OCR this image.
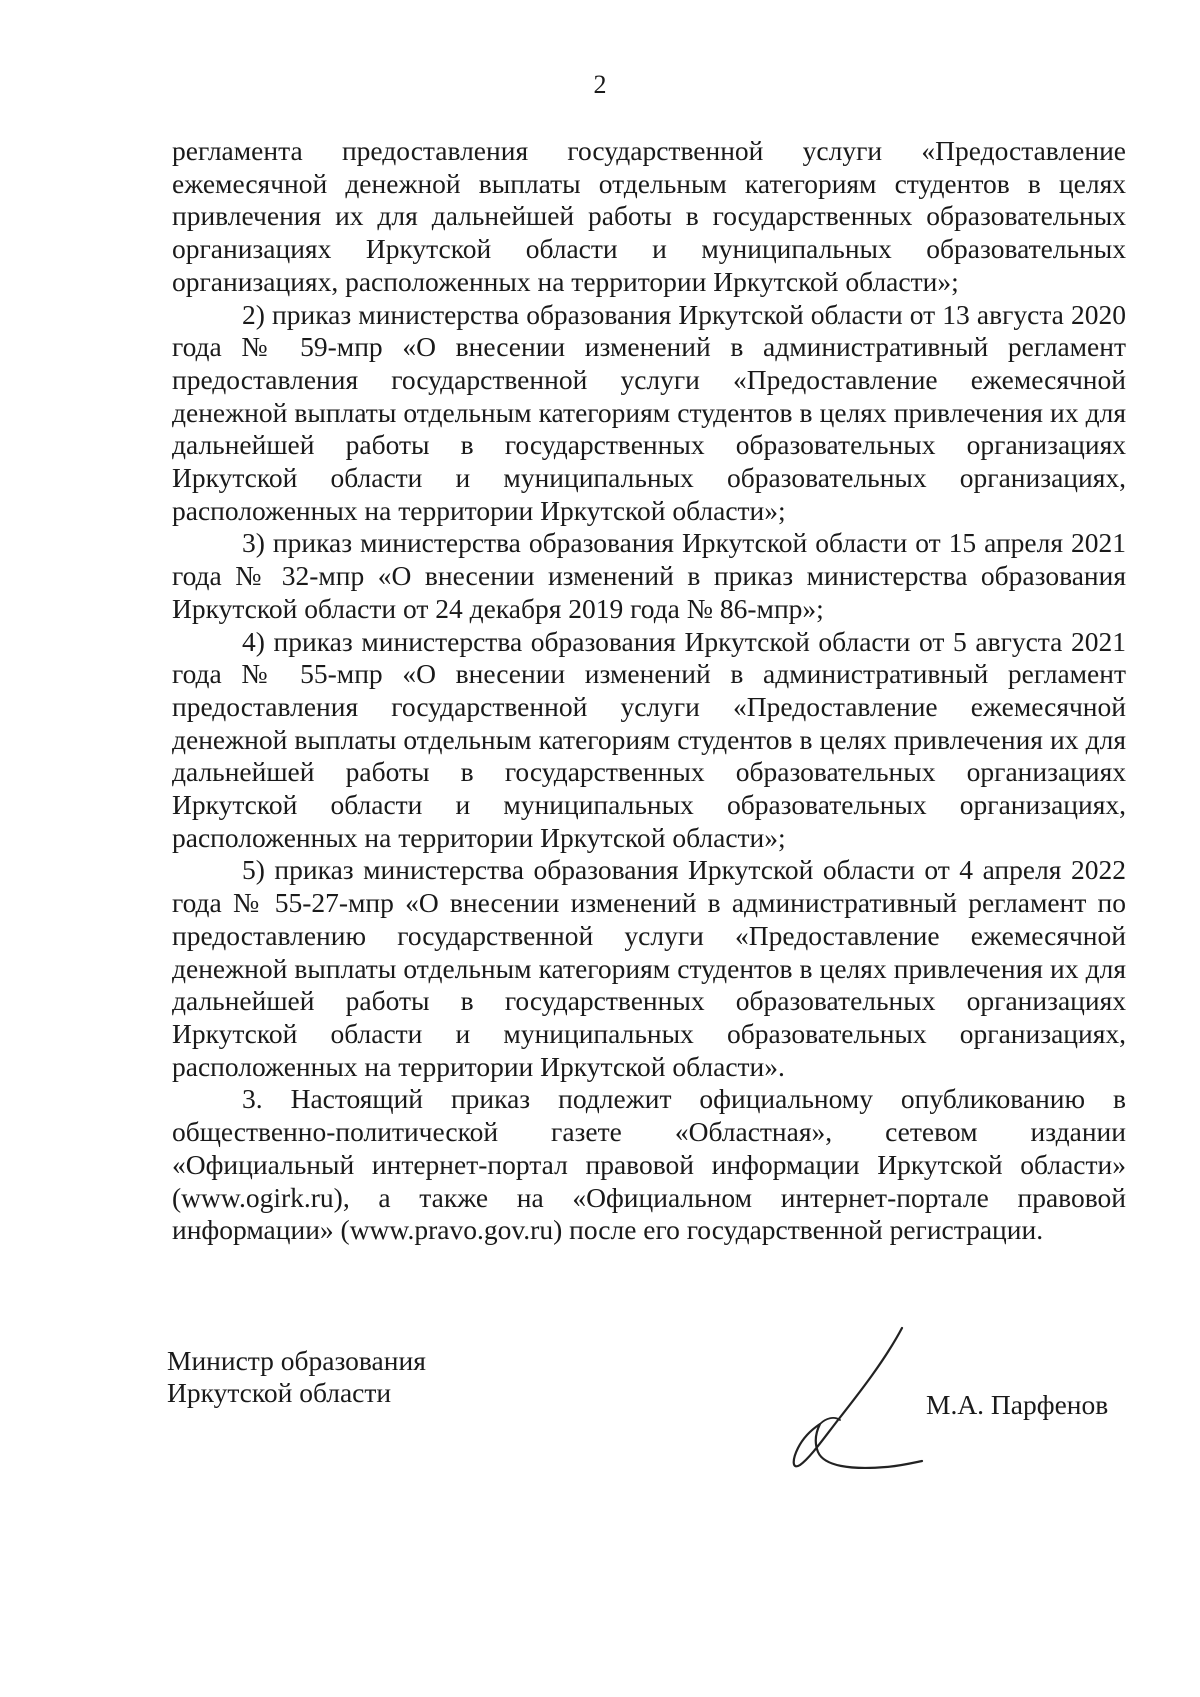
2

регламента предоставления государственной услуги «Предоставление ежемесячной денежной выплаты отдельным категориям студентов в целях привлечения их для дальнейшей работы в государственных образовательных организациях Иркутской области и муниципальных образовательных организациях, расположенных на территории Иркутской области»;

2) приказ министерства образования Иркутской области от 13 августа 2020 года № 59-мпр «О внесении изменений в административный регламент предоставления государственной услуги «Предоставление ежемесячной денежной выплаты отдельным категориям студентов в целях привлечения их для дальнейшей работы в государственных образовательных организациях Иркутской области и муниципальных образовательных организациях, расположенных на территории Иркутской области»;

3) приказ министерства образования Иркутской области от 15 апреля 2021 года № 32-мпр «О внесении изменений в приказ министерства образования Иркутской области от 24 декабря 2019 года № 86-мпр»;

4) приказ министерства образования Иркутской области от 5 августа 2021 года № 55-мпр «О внесении изменений в административный регламент предоставления государственной услуги «Предоставление ежемесячной денежной выплаты отдельным категориям студентов в целях привлечения их для дальнейшей работы в государственных образовательных организациях Иркутской области и муниципальных образовательных организациях, расположенных на территории Иркутской области»;

5) приказ министерства образования Иркутской области от 4 апреля 2022 года № 55-27-мпр «О внесении изменений в административный регламент по предоставлению государственной услуги «Предоставление ежемесячной денежной выплаты отдельным категориям студентов в целях привлечения их для дальнейшей работы в государственных образовательных организациях Иркутской области и муниципальных образовательных организациях, расположенных на территории Иркутской области».

3. Настоящий приказ подлежит официальному опубликованию в общественно-политической газете «Областная», сетевом издании «Официальный интернет-портал правовой информации Иркутской области» (www.ogirk.ru), а также на «Официальном интернет-портале правовой информации» (www.pravo.gov.ru) после его государственной регистрации.

Министр образования
Иркутской области	М.А. Парфенов
